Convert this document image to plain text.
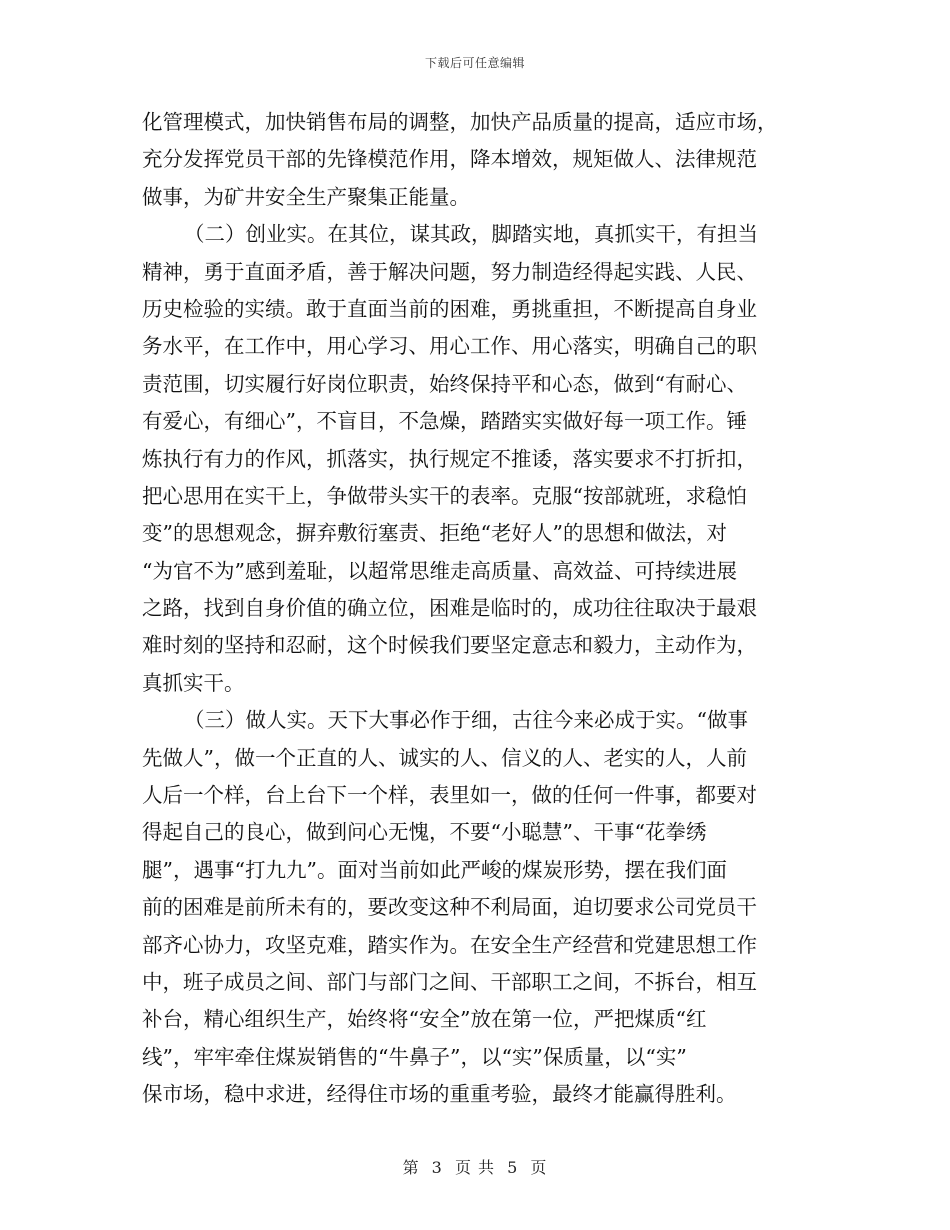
下载后可任意编辑
化管理模式，加快销售布局的调整，加快产品质量的提高，适应市场，
充分发挥党员干部的先锋模范作用，降本增效，规矩做人、法律规范
做事，为矿井安全生产聚集正能量。
（二）创业实。在其位，谋其政，脚踏实地，真抓实干，有担当
精神，勇于直面矛盾，善于解决问题，努力制造经得起实践、人民、
历史检验的实绩。敢于直面当前的困难，勇挑重担，不断提高自身业
务水平，在工作中，用心学习、用心工作、用心落实，明确自己的职
责范围，切实履行好岗位职责，始终保持平和心态，做到“有耐心、
有爱心，有细心”，不盲目，不急燥，踏踏实实做好每一项工作。锤
炼执行有力的作风，抓落实，执行规定不推诿，落实要求不打折扣，
把心思用在实干上，争做带头实干的表率。克服“按部就班，求稳怕
变”的思想观念，摒弃敷衍塞责、拒绝“老好人”的思想和做法，对
“为官不为”感到羞耻，以超常思维走高质量、高效益、可持续进展
之路，找到自身价值的确立位，困难是临时的，成功往往取决于最艰
难时刻的坚持和忍耐，这个时候我们要坚定意志和毅力，主动作为，
真抓实干。
（三）做人实。天下大事必作于细，古往今来必成于实。“做事
先做人”，做一个正直的人、诚实的人、信义的人、老实的人，人前
人后一个样，台上台下一个样，表里如一，做的任何一件事，都要对
得起自己的良心，做到问心无愧，不要“小聪慧”、干事“花拳绣
腿”，遇事“打九九”。面对当前如此严峻的煤炭形势，摆在我们面
前的困难是前所未有的，要改变这种不利局面，迫切要求公司党员干
部齐心协力，攻坚克难，踏实作为。在安全生产经营和党建思想工作
中，班子成员之间、部门与部门之间、干部职工之间，不拆台，相互
补台，精心组织生产，始终将“安全”放在第一位，严把煤质“红
线”，牢牢牵住煤炭销售的“牛鼻子”，以“实”保质量，以“实”
保市场，稳中求进，经得住市场的重重考验，最终才能赢得胜利。
第 3 页 共 5 页
